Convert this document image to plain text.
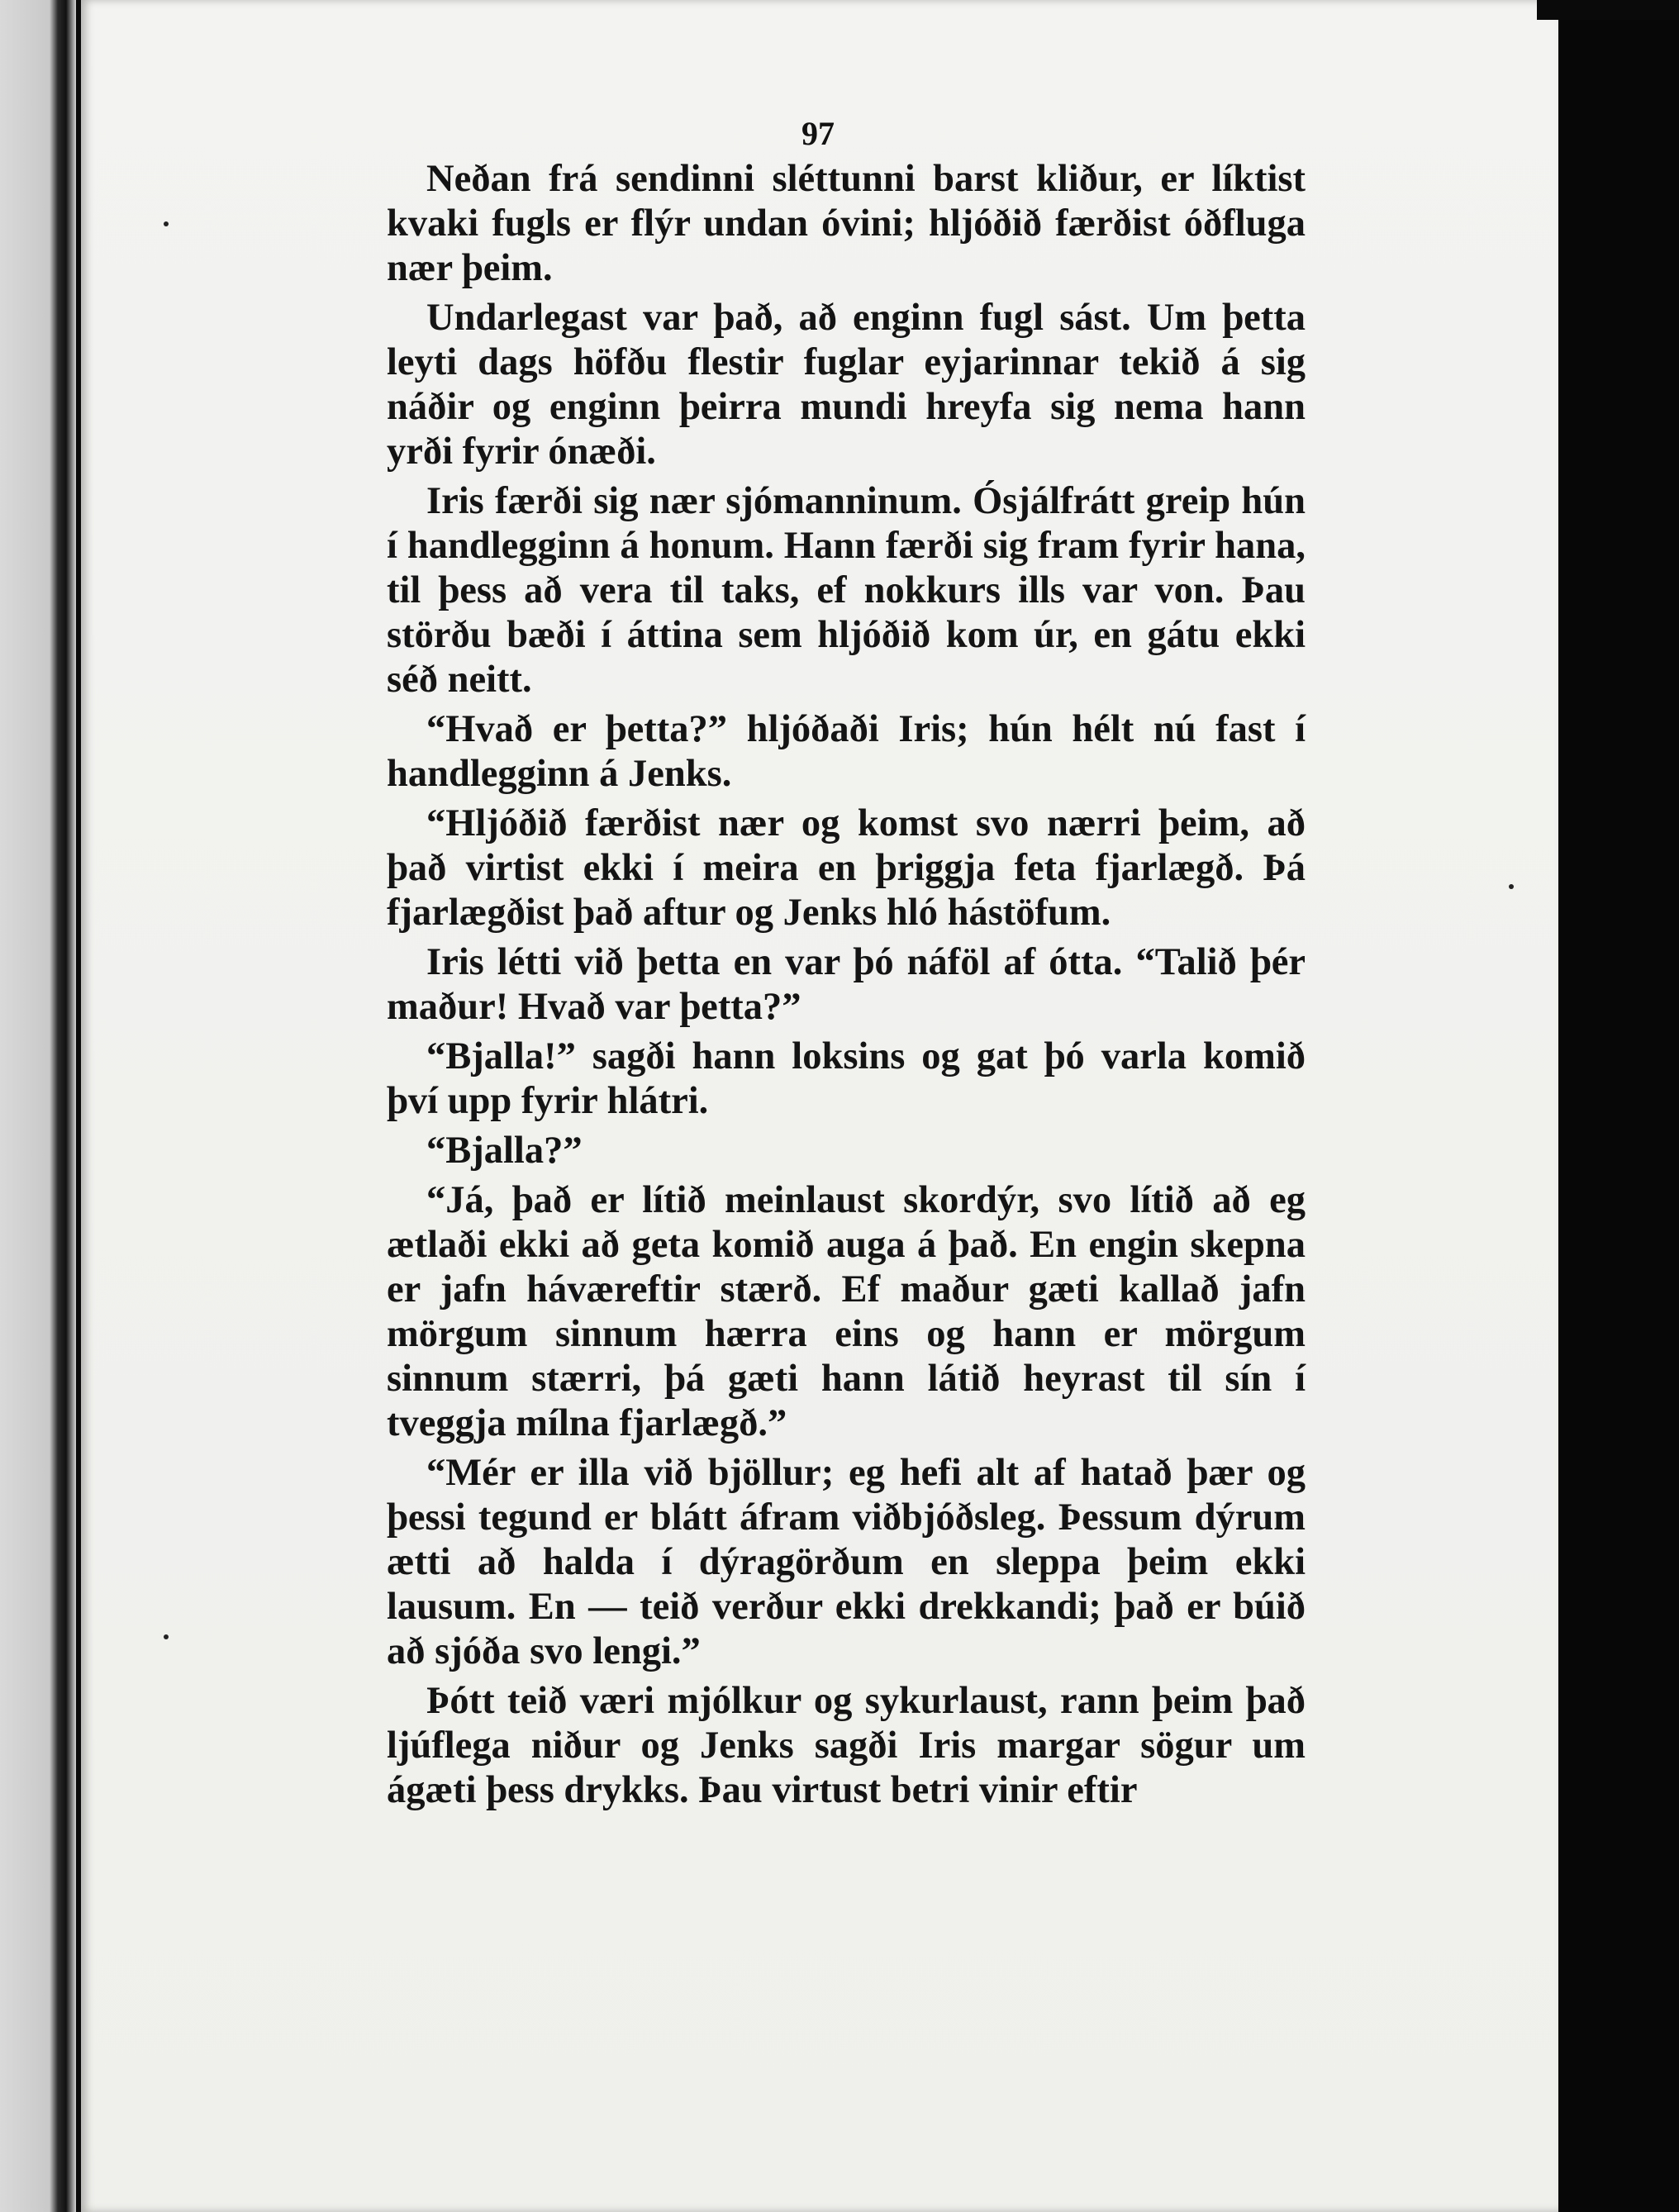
97

Neðan frá sendinni sléttunni barst kliður, er líktist kvaki fugls er flýr undan óvini; hljóðið færðist óðfluga nær þeim.

Undarlegast var það, að enginn fugl sást. Um þetta leyti dags höfðu flestir fuglar eyjarinnar tekið á sig náðir og enginn þeirra mundi hreyfa sig nema hann yrði fyrir ónæði.

Iris færði sig nær sjómanninum. Ósjálfrátt greip hún í handlegginn á honum. Hann færði sig fram fyrir hana, til þess að vera til taks, ef nokkurs ills var von. Þau störðu bæði í áttina sem hljóðið kom úr, en gátu ekki séð neitt.

“Hvað er þetta?” hljóðaði Iris; hún hélt nú fast í handlegginn á Jenks.

“Hljóðið færðist nær og komst svo nærri þeim, að það virtist ekki í meira en þriggja feta fjarlægð. Þá fjarlægðist það aftur og Jenks hló hástöfum.

Iris létti við þetta en var þó náföl af ótta. “Talið þér maður! Hvað var þetta?”

“Bjalla!” sagði hann loksins og gat þó varla komið því upp fyrir hlátri.

“Bjalla?”

“Já, það er lítið meinlaust skordýr, svo lítið að eg ætlaði ekki að geta komið auga á það. En engin skepna er jafn háværeftir stærð. Ef maður gæti kallað jafn mörgum sinnum hærra eins og hann er mörgum sinnum stærri, þá gæti hann látið heyrast til sín í tveggja mílna fjarlægð.”

“Mér er illa við bjöllur; eg hefi alt af hatað þær og þessi tegund er blátt áfram viðbjóðsleg. Þessum dýrum ætti að halda í dýragörðum en sleppa þeim ekki lausum. En — teið verður ekki drekkandi; það er búið að sjóða svo lengi.”

Þótt teið væri mjólkur og sykurlaust, rann þeim það ljúflega niður og Jenks sagði Iris margar sögur um ágæti þess drykks. Þau virtust betri vinir eftir
